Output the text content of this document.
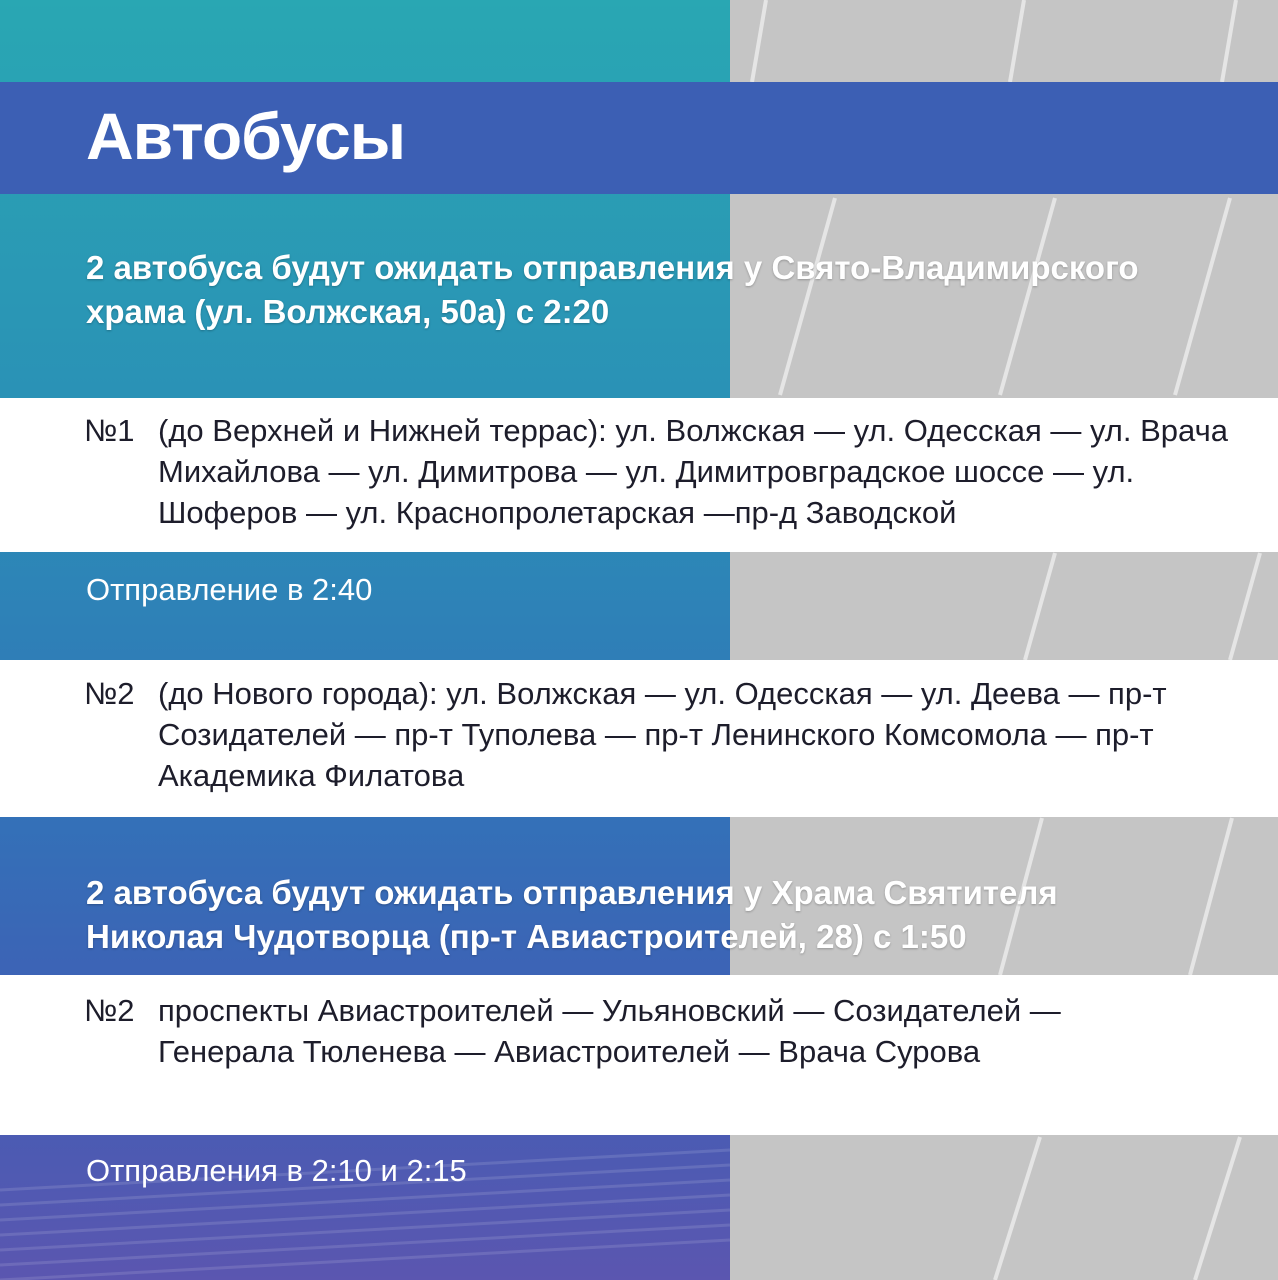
Автобусы

2 автобуса будут ожидать отправления у Свято-Владимирского храма (ул. Волжская, 50а) с 2:20

№1 (до Верхней и Нижней террас): ул. Волжская — ул. Одесская — ул. Врача Михайлова — ул. Димитрова — ул. Димитровградское шоссе — ул. Шоферов — ул. Краснопролетарская —пр-д Заводской

Отправление в 2:40

№2 (до Нового города): ул. Волжская — ул. Одесская — ул. Деева — пр-т Созидателей — пр-т Туполева — пр-т Ленинского Комсомола — пр-т Академика Филатова

2 автобуса будут ожидать отправления у Храма Святителя Николая Чудотворца (пр-т Авиастроителей, 28) с 1:50

№2 проспекты Авиастроителей — Ульяновский — Созидателей — Генерала Тюленева — Авиастроителей — Врача Сурова

Отправления в 2:10 и 2:15
